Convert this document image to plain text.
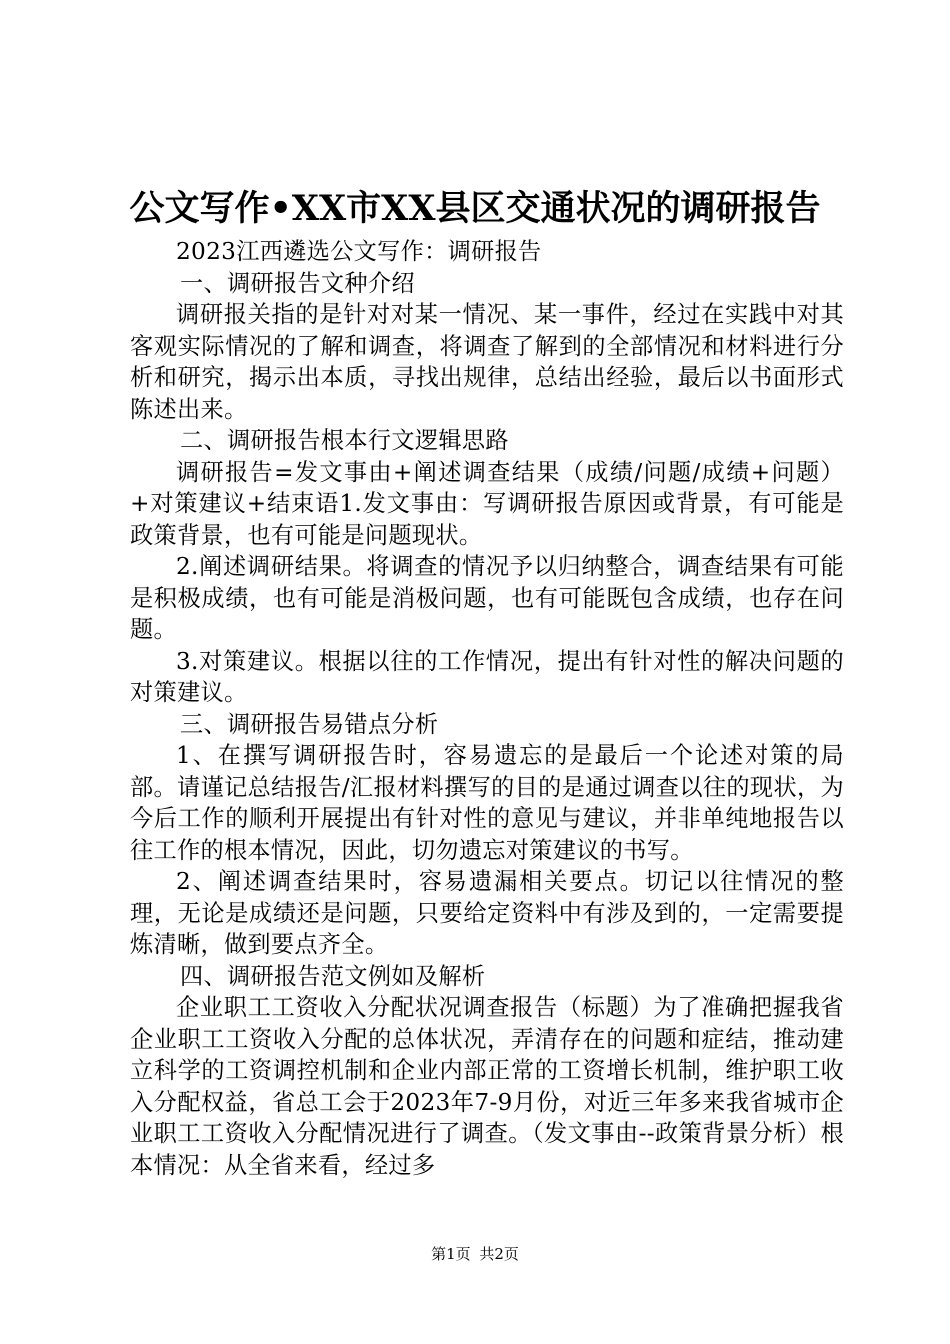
公文写作•XX市XX县区交通状况的调研报告

2023江西遴选公文写作：调研报告

一、调研报告文种介绍

调研报关指的是针对对某一情况、某一事件，经过在实践中对其客观实际情况的了解和调查，将调查了解到的全部情况和材料进行分析和研究，揭示出本质，寻找出规律，总结出经验，最后以书面形式陈述出来。

二、调研报告根本行文逻辑思路

调研报告=发文事由+阐述调查结果（成绩/问题/成绩+问题）+对策建议+结束语1.发文事由：写调研报告原因或背景，有可能是政策背景，也有可能是问题现状。

2.阐述调研结果。将调查的情况予以归纳整合，调查结果有可能是积极成绩，也有可能是消极问题，也有可能既包含成绩，也存在问题。

3.对策建议。根据以往的工作情况，提出有针对性的解决问题的对策建议。

三、调研报告易错点分析

1、在撰写调研报告时，容易遗忘的是最后一个论述对策的局部。请谨记总结报告/汇报材料撰写的目的是通过调查以往的现状，为今后工作的顺利开展提出有针对性的意见与建议，并非单纯地报告以往工作的根本情况，因此，切勿遗忘对策建议的书写。

2、阐述调查结果时，容易遗漏相关要点。切记以往情况的整理，无论是成绩还是问题，只要给定资料中有涉及到的，一定需要提炼清晰，做到要点齐全。

四、调研报告范文例如及解析

企业职工工资收入分配状况调查报告（标题）为了准确把握我省企业职工工资收入分配的总体状况，弄清存在的问题和症结，推动建立科学的工资调控机制和企业内部正常的工资增长机制，维护职工收入分配权益，省总工会于2023年7-9月份，对近三年多来我省城市企业职工工资收入分配情况进行了调查。（发文事由--政策背景分析）根本情况：从全省来看，经过多

第1页 共2页
